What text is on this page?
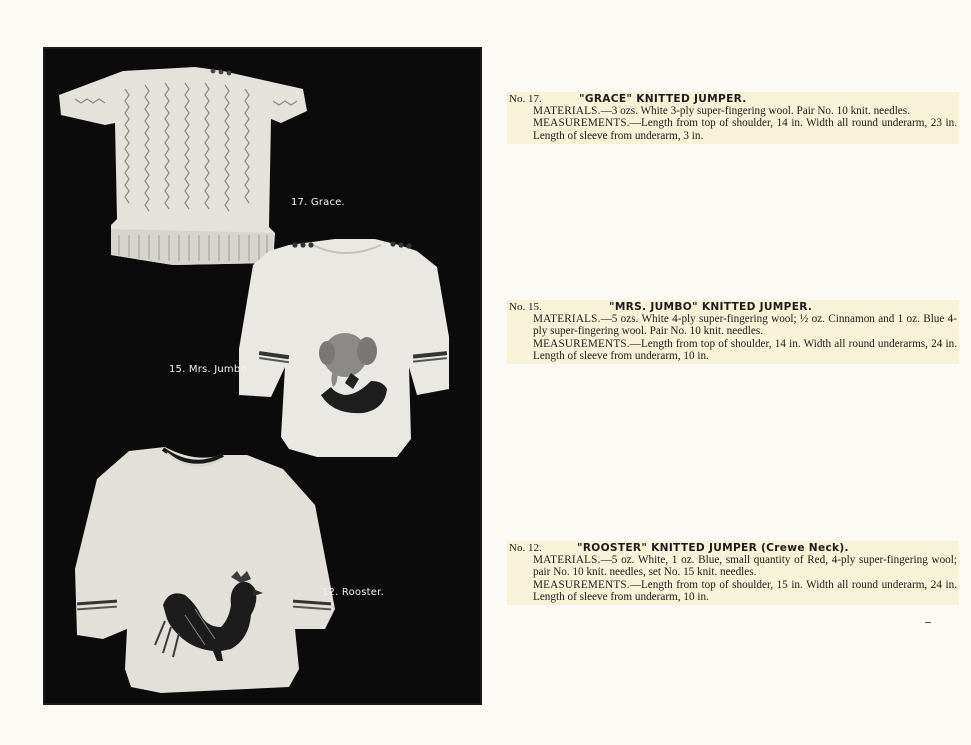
17. Grace.
15. Mrs. Jumbo.
12. Rooster.
No. 17.	"GRACE" KNITTED JUMPER.
MATERIALS.—3 ozs. White 3-ply super-fingering wool. Pair No. 10 knit. needles.
MEASUREMENTS.—Length from top of shoulder, 14 in. Width all round underarm, 23 in. Length of sleeve from underarm, 3 in.
No. 15.	"MRS. JUMBO" KNITTED JUMPER.
MATERIALS.—5 ozs. White 4-ply super-fingering wool; ½ oz. Cinnamon and 1 oz. Blue 4-ply super-fingering wool. Pair No. 10 knit. needles.
MEASUREMENTS.—Length from top of shoulder, 14 in. Width all round underarms, 24 in. Length of sleeve from underarm, 10 in.
No. 12.	"ROOSTER" KNITTED JUMPER (Crewe Neck).
MATERIALS.—5 oz. White, 1 oz. Blue, small quantity of Red, 4-ply super-fingering wool; pair No. 10 knit. needles, set No. 15 knit. needles.
MEASUREMENTS.—Length from top of shoulder, 15 in. Width all round underarm, 24 in. Length of sleeve from underarm, 10 in.
